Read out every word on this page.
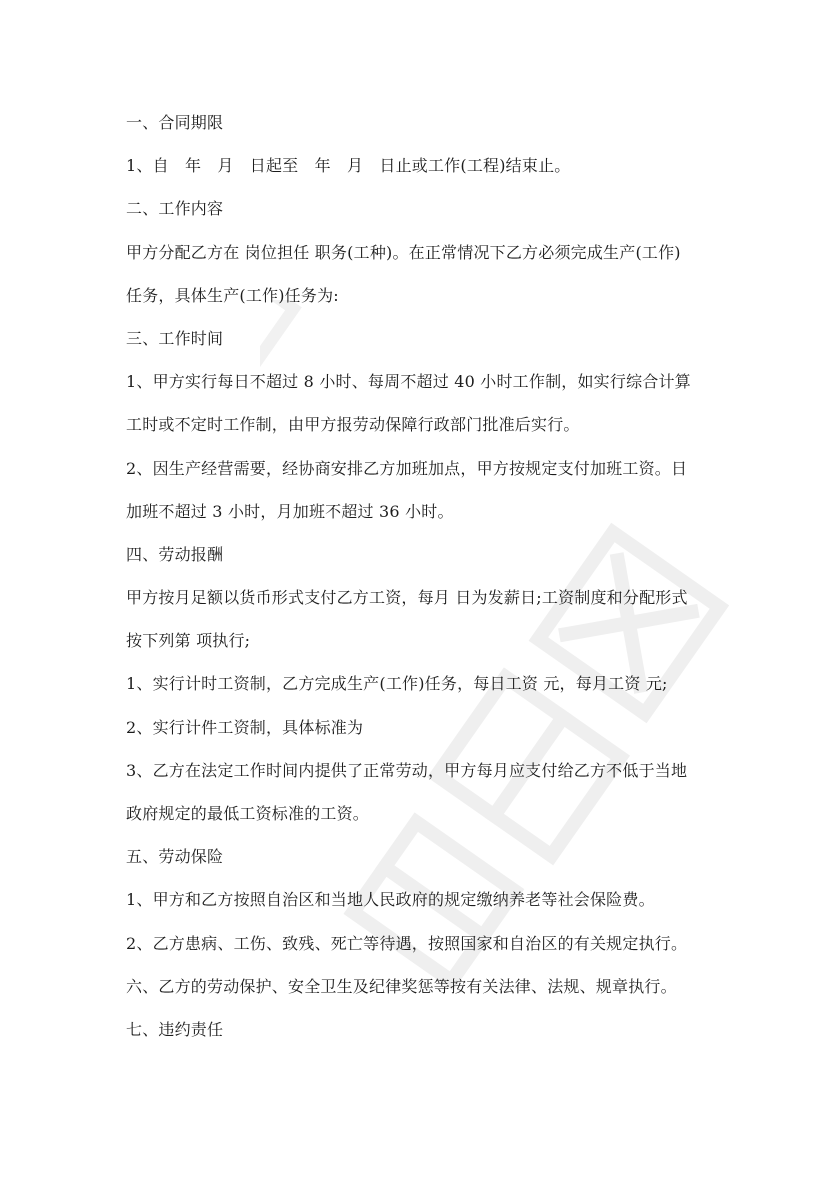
一、合同期限
1、自　年　月　日起至　年　月　日止或工作(工程)结束止。
二、工作内容
甲方分配乙方在 岗位担任 职务(工种)。在正常情况下乙方必须完成生产(工作)
任务，具体生产(工作)任务为:
三、工作时间
1、甲方实行每日不超过 8 小时、每周不超过 40 小时工作制，如实行综合计算
工时或不定时工作制，由甲方报劳动保障行政部门批准后实行。
2、因生产经营需要，经协商安排乙方加班加点，甲方按规定支付加班工资。日
加班不超过 3 小时，月加班不超过 36 小时。
四、劳动报酬
甲方按月足额以货币形式支付乙方工资，每月 日为发薪日;工资制度和分配形式
按下列第 项执行;
1、实行计时工资制，乙方完成生产(工作)任务，每日工资 元，每月工资 元;
2、实行计件工资制，具体标准为
3、乙方在法定工作时间内提供了正常劳动，甲方每月应支付给乙方不低于当地
政府规定的最低工资标准的工资。
五、劳动保险
1、甲方和乙方按照自治区和当地人民政府的规定缴纳养老等社会保险费。
2、乙方患病、工伤、致残、死亡等待遇，按照国家和自治区的有关规定执行。
六、乙方的劳动保护、安全卫生及纪律奖惩等按有关法律、法规、规章执行。
七、违约责任
